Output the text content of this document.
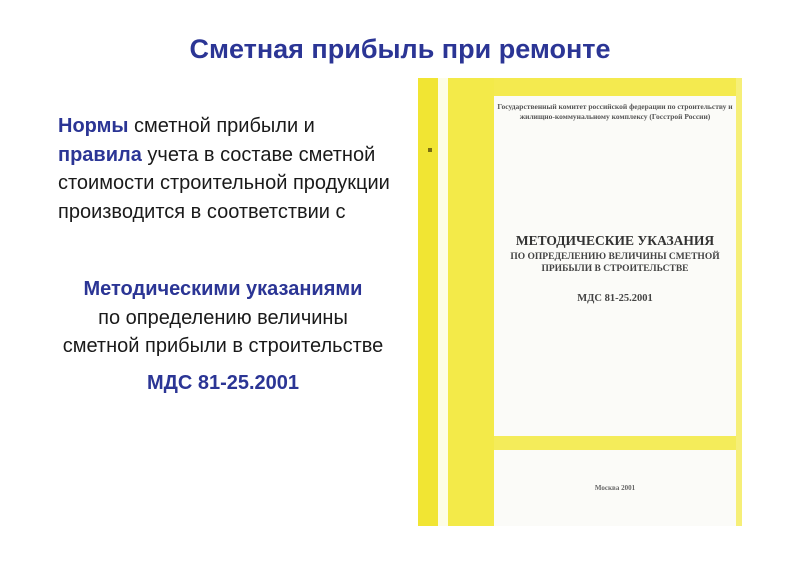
Сметная прибыль при ремонте
Нормы сметной прибыли и
правила учета в составе сметной стоимости строительной продукции производится в соответствии с
Методическими указаниями
по определению величины сметной прибыли в строительстве
МДС 81-25.2001
Государственный комитет российской федерации по строительству и жилищно-коммунальному комплексу (Госстрой России)
МЕТОДИЧЕСКИЕ УКАЗАНИЯ
ПО ОПРЕДЕЛЕНИЮ ВЕЛИЧИНЫ СМЕТНОЙ ПРИБЫЛИ В СТРОИТЕЛЬСТВЕ
МДС 81-25.2001
Москва 2001
